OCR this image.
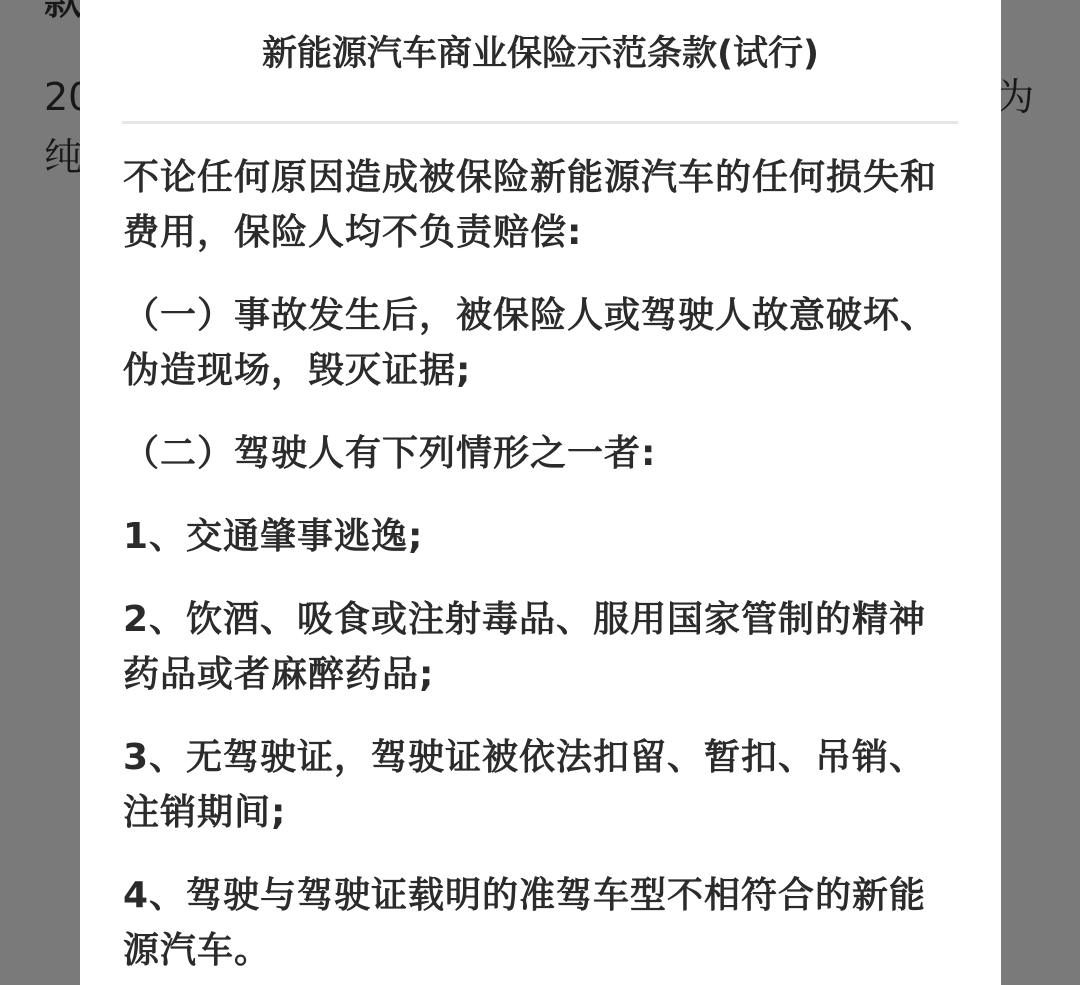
新能源汽车商业保险示范条款(试行)

不论任何原因造成被保险新能源汽车的任何损失和费用，保险人均不负责赔偿:

（一）事故发生后，被保险人或驾驶人故意破坏、伪造现场，毁灭证据;

（二）驾驶人有下列情形之一者:

1、交通肇事逃逸;

2、饮酒、吸食或注射毒品、服用国家管制的精神药品或者麻醉药品;

3、无驾驶证，驾驶证被依法扣留、暂扣、吊销、注销期间;

4、驾驶与驾驶证载明的准驾车型不相符合的新能源汽车。
